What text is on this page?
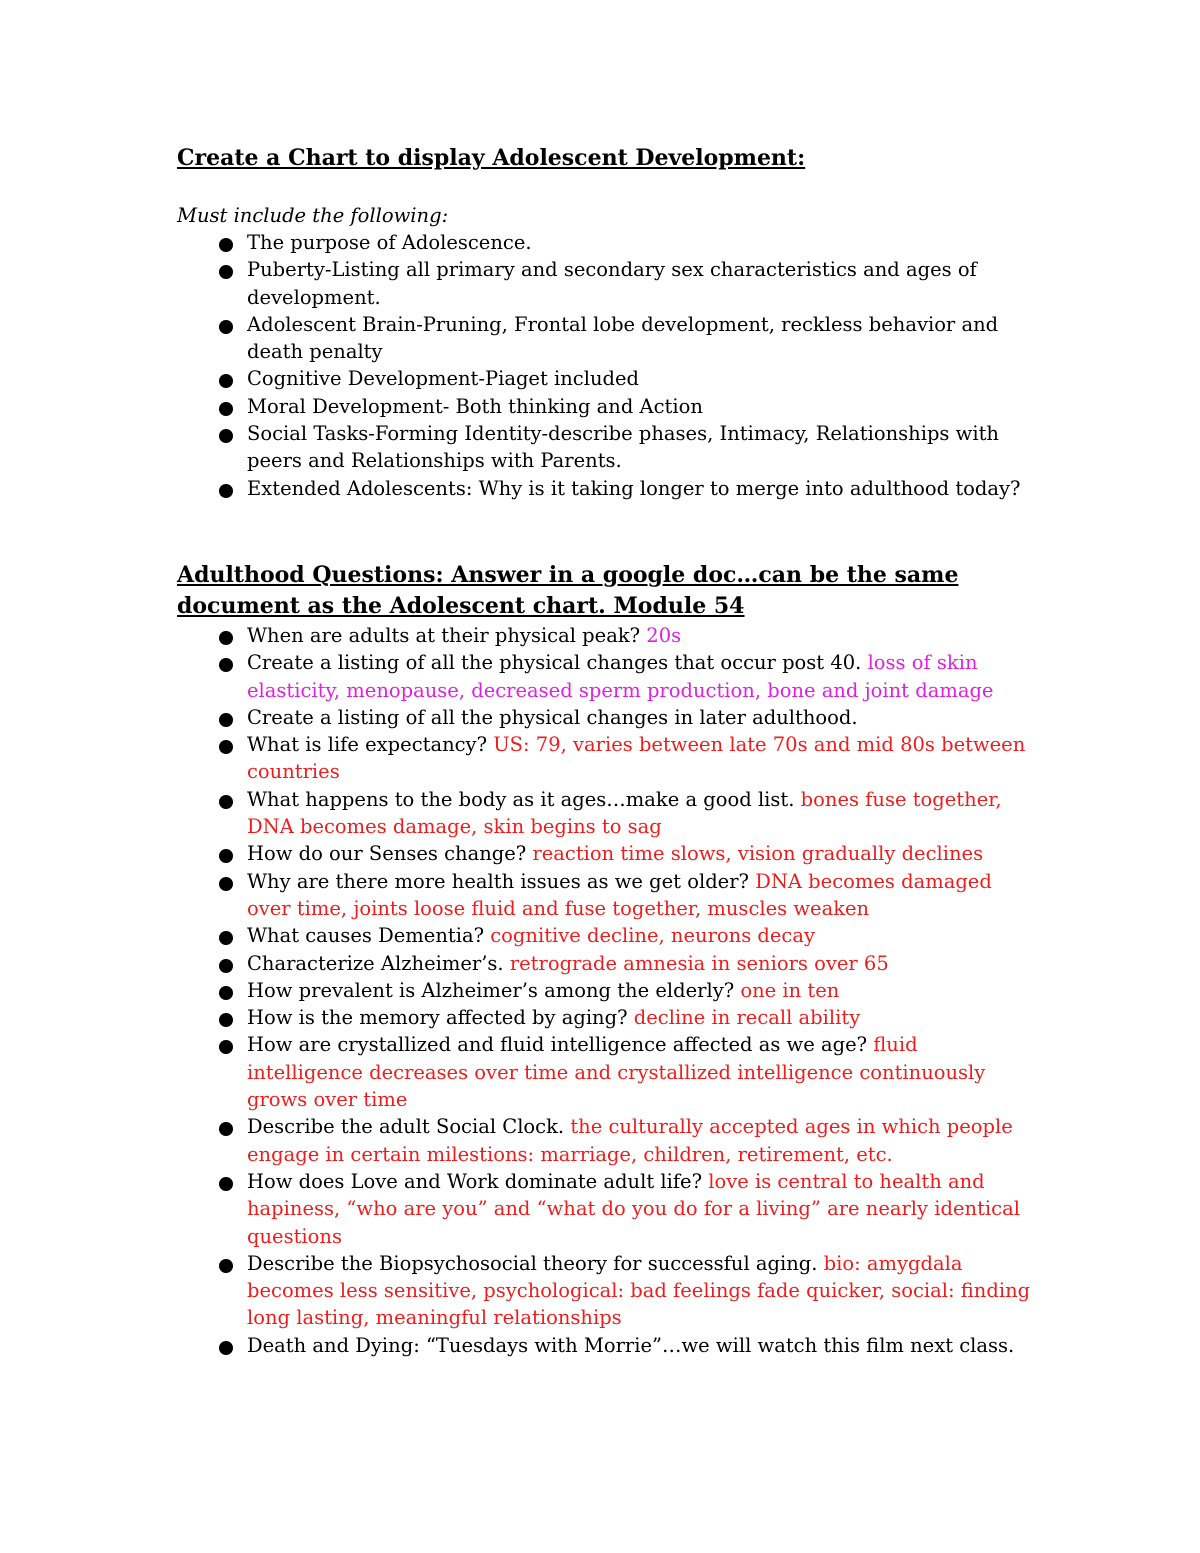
Create a Chart to display Adolescent Development:
Must include the following:
The purpose of Adolescence.
Puberty-Listing all primary and secondary sex characteristics and ages of development.
Adolescent Brain-Pruning, Frontal lobe development, reckless behavior and death penalty
Cognitive Development-Piaget included
Moral Development- Both thinking and Action
Social Tasks-Forming Identity-describe phases, Intimacy, Relationships with peers and Relationships with Parents.
Extended Adolescents: Why is it taking longer to merge into adulthood today?
Adulthood Questions: Answer in a google doc…can be the same
document as the Adolescent chart. Module 54
When are adults at their physical peak? 20s
Create a listing of all the physical changes that occur post 40. loss of skin elasticity, menopause, decreased sperm production, bone and joint damage
Create a listing of all the physical changes in later adulthood.
What is life expectancy? US: 79, varies between late 70s and mid 80s between countries
What happens to the body as it ages…make a good list. bones fuse together, DNA becomes damage, skin begins to sag
How do our Senses change? reaction time slows, vision gradually declines
Why are there more health issues as we get older? DNA becomes damaged over time, joints loose fluid and fuse together, muscles weaken
What causes Dementia? cognitive decline, neurons decay
Characterize Alzheimer’s. retrograde amnesia in seniors over 65
How prevalent is Alzheimer’s among the elderly? one in ten
How is the memory affected by aging? decline in recall ability
How are crystallized and fluid intelligence affected as we age? fluid intelligence decreases over time and crystallized intelligence continuously grows over time
Describe the adult Social Clock. the culturally accepted ages in which people engage in certain milestions: marriage, children, retirement, etc.
How does Love and Work dominate adult life? love is central to health and hapiness, “who are you” and “what do you do for a living” are nearly identical questions
Describe the Biopsychosocial theory for successful aging. bio: amygdala becomes less sensitive, psychological: bad feelings fade quicker, social: finding long lasting, meaningful relationships
Death and Dying: “Tuesdays with Morrie”…we will watch this film next class.
